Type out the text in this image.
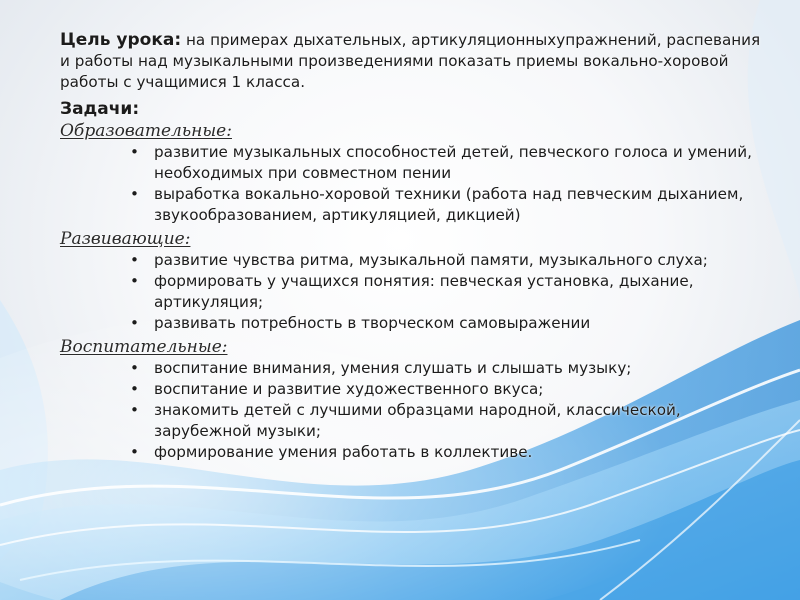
Цель урока: на примерах дыхательных, артикуляционныхупражнений, распевания и работы над музыкальными произведениями показать приемы вокально-хоровой работы с учащимися 1 класса.

Задачи:

Образовательные:

• развитие музыкальных способностей детей, певческого голоса и умений, необходимых при совместном пении
• выработка вокально-хоровой техники (работа над певческим дыханием, звукообразованием, артикуляцией, дикцией)

Развивающие:

• развитие чувства ритма, музыкальной памяти, музыкального слуха;
• формировать у учащихся понятия: певческая установка, дыхание, артикуляция;
• развивать потребность в творческом самовыражении

Воспитательные:

• воспитание внимания, умения слушать и слышать музыку;
• воспитание и развитие художественного вкуса;
• знакомить детей с лучшими образцами народной, классической, зарубежной музыки;
• формирование умения работать в коллективе.
